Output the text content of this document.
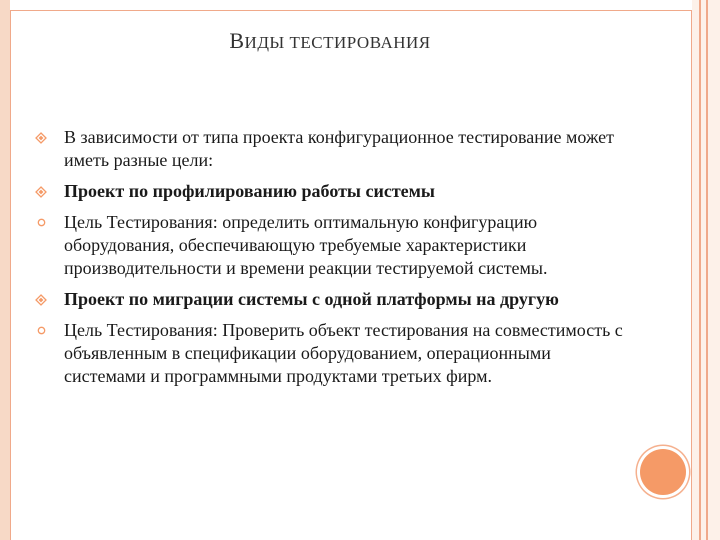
ВИДЫ ТЕСТИРОВАНИЯ
В зависимости от типа проекта конфигурационное тестирование может иметь разные цели:
Проект по профилированию работы системы
Цель Тестирования: определить оптимальную конфигурацию оборудования, обеспечивающую требуемые характеристики производительности и времени реакции тестируемой системы.
Проект по миграции системы с одной платформы на другую
Цель Тестирования: Проверить объект тестирования на совместимость с объявленным в спецификации оборудованием, операционными системами и программными продуктами третьих фирм.
